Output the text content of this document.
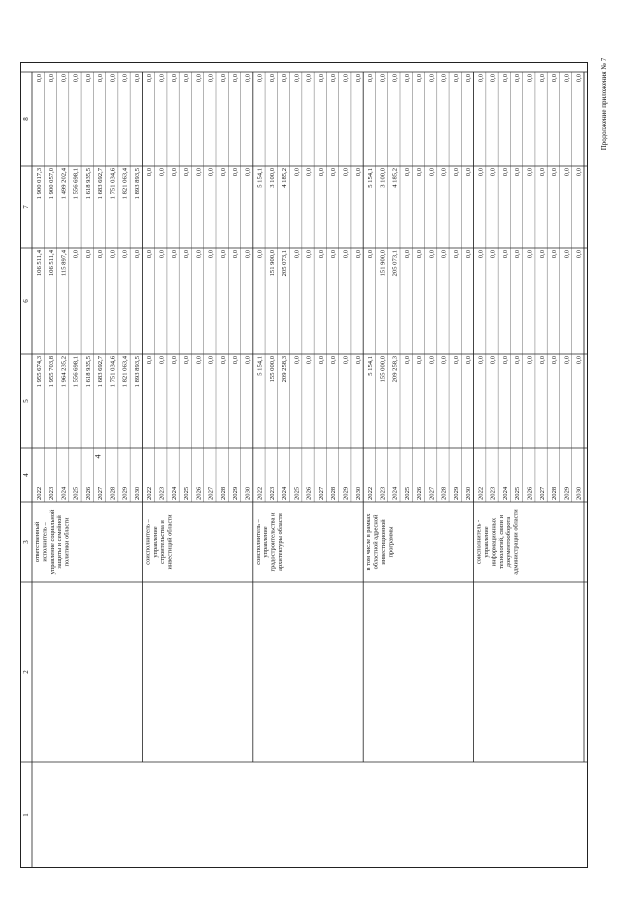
4
Продолжение приложения № 7
1
2
3
4
5
6
7
8
2022
1 955 674,3
106 511,4
1 900 017,3
0,0
2023
1 955 703,8
106 511,4
1 900 057,0
0,0
2024
1 964 235,2
115 897,4
1 499 202,4
0,0
2025
1 556 698,1
0,0
1 556 698,1
0,0
2026
1 618 935,5
0,0
1 618 935,5
0,0
2027
1 683 692,7
0,0
1 683 692,7
0,0
2028
1 751 034,6
0,0
1 751 034,6
0,0
2029
1 821 063,4
0,0
1 821 063,4
0,0
2030
1 893 893,5
0,0
1 893 893,5
0,0
ответственный исполнитель – управление социальной защиты и семейной политики области
2022
0,0
0,0
0,0
0,0
2023
0,0
0,0
0,0
0,0
2024
0,0
0,0
0,0
0,0
2025
0,0
0,0
0,0
0,0
2026
0,0
0,0
0,0
0,0
2027
0,0
0,0
0,0
0,0
2028
0,0
0,0
0,0
0,0
2029
0,0
0,0
0,0
0,0
2030
0,0
0,0
0,0
0,0
соисполнитель – управление строительства и инвестиций области
2022
5 154,1
0,0
5 154,1
0,0
2023
155 000,0
151 900,0
3 100,0
0,0
2024
209 258,3
205 073,1
4 185,2
0,0
2025
0,0
0,0
0,0
0,0
2026
0,0
0,0
0,0
0,0
2027
0,0
0,0
0,0
0,0
2028
0,0
0,0
0,0
0,0
2029
0,0
0,0
0,0
0,0
2030
0,0
0,0
0,0
0,0
соисполнитель – управление градостроительства и архитектуры области
2022
5 154,1
0,0
5 154,1
0,0
2023
155 000,0
151 900,0
3 100,0
0,0
2024
209 258,3
205 073,1
4 185,2
0,0
2025
0,0
0,0
0,0
0,0
2026
0,0
0,0
0,0
0,0
2027
0,0
0,0
0,0
0,0
2028
0,0
0,0
0,0
0,0
2029
0,0
0,0
0,0
0,0
2030
0,0
0,0
0,0
0,0
в том числе в рамках областной адресной инвестиционной программы
2022
0,0
0,0
0,0
0,0
2023
0,0
0,0
0,0
0,0
2024
0,0
0,0
0,0
0,0
2025
0,0
0,0
0,0
0,0
2026
0,0
0,0
0,0
0,0
2027
0,0
0,0
0,0
0,0
2028
0,0
0,0
0,0
0,0
2029
0,0
0,0
0,0
0,0
2030
0,0
0,0
0,0
0,0
соисполнитель - управление информационных технологий, связи и документооборота администрации области
